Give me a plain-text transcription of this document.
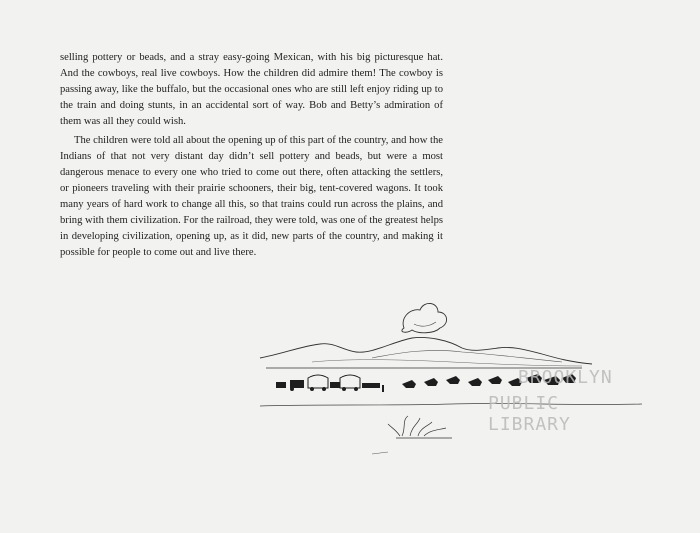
selling pottery or beads, and a stray easy-going Mexican, with his big picturesque hat. And the cowboys, real live cowboys. How the children did admire them! The cowboy is passing away, like the buffalo, but the occasional ones who are still left enjoy riding up to the train and doing stunts, in an accidental sort of way. Bob and Betty’s admiration of them was all they could wish.

The children were told all about the opening up of this part of the country, and how the Indians of that not very distant day didn’t sell pottery and beads, but were a most dangerous menace to every one who tried to come out there, often attacking the settlers, or pioneers traveling with their prairie schooners, their big, tent-covered wagons. It took many years of hard work to change all this, so that trains could run across the plains, and bring with them civilization. For the railroad, they were told, was one of the greatest helps in developing civilization, opening up, as it did, new parts of the country, and making it possible for people to come out and live there.

BROOKLYN
PUBLIC LIBRARY
